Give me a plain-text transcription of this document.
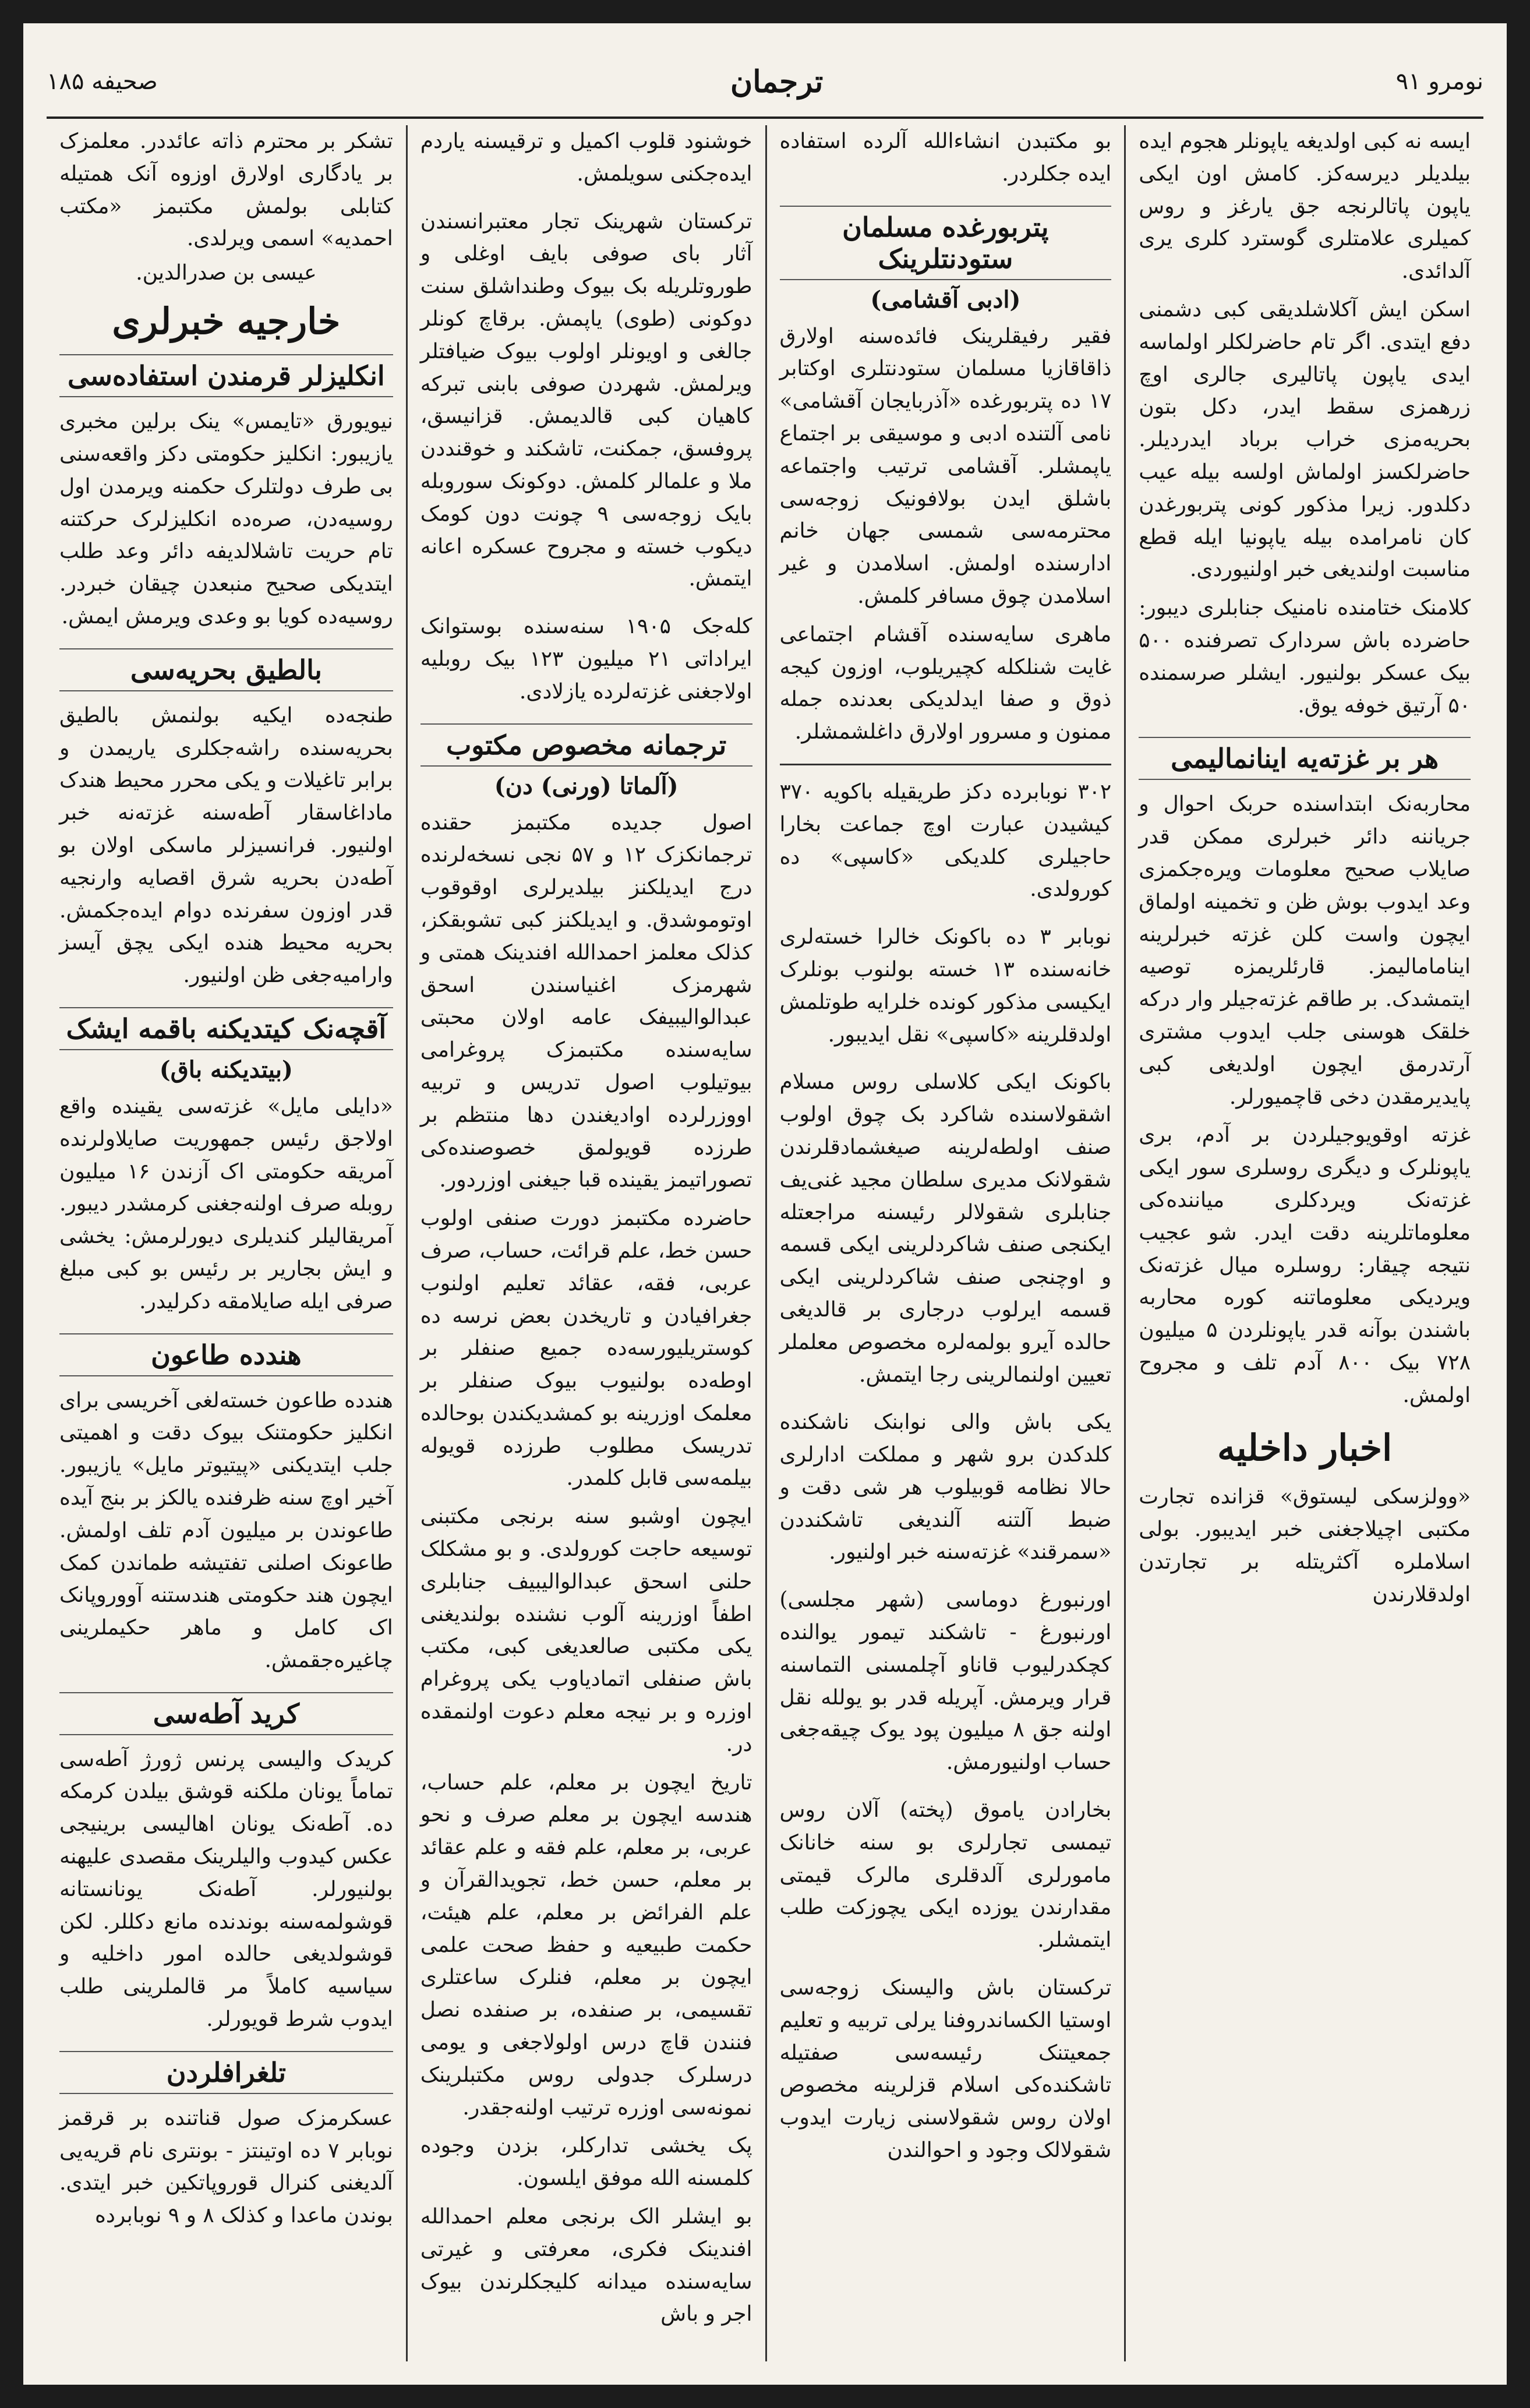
نومرو ۹۱
ترجمان
صحیفه ۱۸۵

ایسه نه کبی اولدیغه یاپونلر هجوم ایده بیلدیلر دیرسه‌کز. کامش اون ایکی یاپون پاتالرنجه جق یارغز و روس کمیلری علامتلری گوسترد کلری یری آلدائدی.

اسکن ایش آکلاشلدیقی کبی دشمنی دفع ایتدی. اگر تام حاضرلکلر اولماسه ایدی یاپون پاتالیری جالری اوچ زرهمزی سقط ایدر، دکل بتون بحریه‌مزی خراب برباد ایدردیلر. حاضرلکسز اولماش اولسه بیله عیب دکلدور. زیرا مذکور کونی پتربورغدن کان نامرامده بیله یاپونیا ایله قطع مناسبت اولندیغی خبر اولنیوردی.

کلامنک ختامنده نامنیک جنابلری دیبور: حاضرده باش سردارک تصرفنده ۵۰۰ بیک عسکر بولنیور. ایشلر صرسمنده ۵۰ آرتیق خوفه یوق.

هر بر غزته‌یه اینانمالیمی

محاربه‌نک ابتداسنده حربک احوال و جریاننه دائر خبرلری ممکن قدر صایلاب صحیح معلومات ویره‌جکمزی وعد ایدوب بوش ظن و تخمینه اولماق ایچون واست کلن غزته خبرلرینه اینامامالیمز. قارئلریمزه توصیه ایتمشدک. بر طاقم غزته‌جیلر وار درکه خلقک هوسنی جلب ایدوب مشتری آرتدرمق ایچون اولدیغی کبی پایدیرمقدن دخی قاچمیورلر.

غزته اوقویوجیلردن بر آدم، بری یاپونلرک و دیگری روسلری سور ایکی غزته‌نک ویردکلری میاننده‌کی معلوماتلرینه دقت ایدر. شو عجیب نتیجه چیقار: روسلره میال غزته‌نک ویردیکی معلوماتنه کوره محاربه باشندن بوآنه قدر یاپونلردن ۵ میلیون ۷۲۸ بیک ۸۰۰ آدم تلف و مجروح اولمش.

اخبار داخلیه

«وولزسکی لیستوق» قزانده تجارت مکتبی اچیلاجغنی خبر ایدیبور. بولی اسلاملره آکثریتله بر تجارتدن اولدقلارندن

بو مکتبدن انشاءالله آلرده استفاده ایده جکلردر.

پتربورغده مسلمان ستودنتلرینک
(ادبی آقشامی)

فقیر رفیقلرینک فائده‌سنه اولارق ذاقاقازیا مسلمان ستودنتلری اوکتابر ۱۷ ده پتربورغده «آذربایجان آقشامی» نامی آلتنده ادبی و موسیقی بر اجتماع یاپمشلر. آقشامی ترتیب واجتماعه باشلق ایدن بولافونیک زوجه‌سی محترمه‌سی شمسی جهان خانم ادارسنده اولمش. اسلامدن و غیر اسلامدن چوق مسافر کلمش.

ماهری سایه‌سنده آقشام اجتماعی غایت شنلکله کچیریلوب، اوزون کیجه ذوق و صفا ایدلدیکی بعدنده جمله ممنون و مسرور اولارق داغلشمشلر.

۳۰۲ نوبابرده دکز طریقیله باکویه ۳۷۰ کیشیدن عبارت اوچ جماعت بخارا حاجیلری کلدیکی «کاسپی» ده کورولدی.

نوبابر ۳ ده باکونک خالرا خسته‌لری خانه‌سنده ۱۳ خسته بولنوب بونلرک ایکیسی مذکور کونده خلرایه طوتلمش اولدقلرینه «کاسپی» نقل ایدیبور.

باکونک ایکی کلاسلی روس مسلام اشقولاسنده شاکرد بک چوق اولوب صنف اولطه‌لرینه صیغشمادقلرندن شقولانک مدیری سلطان مجید غنی‌یف جنابلری شقولالر رئیسنه مراجعتله ایکنجی صنف شاکردلرینی ایکی قسمه و اوچنجی صنف شاکردلرینی ایکی قسمه ایرلوب درجاری بر قالدیغی حالده آیرو بولمه‌لره مخصوص معلملر تعیین اولنمالرینی رجا ایتمش.

یکی باش والی نوابنک ناشکنده کلدکدن برو شهر و مملکت ادارلری حالا نظامه قوبیلوب هر شی دقت و ضبط آلتنه آلندیغی تاشکنددن «سمرقند» غزته‌سنه خبر اولنیور.

اورنبورغ دوماسی (شهر مجلسی) اورنبورغ - تاشکند تیمور یوالنده کچکدرلیوب قاناو آچلمسنی التماسنه قرار ویرمش. آپریله قدر بو یولله نقل اولنه جق ۸ میلیون پود یوک چیقه‌جغی حساب اولنیورمش.

بخارادن یاموق (پخته) آلان روس تیمسی تجارلری بو سنه خانانک مامورلری آلدقلری مالرک قیمتی مقدارندن یوزده ایکی یچوزکت طلب ایتمشلر.

ترکستان باش والیسنک زوجه‌سی اوستیا الکساندروفنا یرلی تربیه و تعلیم جمعیتنک رئیسه‌سی صفتیله تاشکنده‌کی اسلام قزلرینه مخصوص اولان روس شقولاسنی زیارت ایدوب شقولالک وجود و احوالندن

خوشنود قلوب اکمیل و ترقیسنه یاردم ایده‌جکنی سویلمش.

ترکستان شهرینک تجار معتبرانسندن آثار بای صوفی بایف اوغلی و طوروتلریله بک بیوک وطنداشلق سنت دوکونی (طوی) یاپمش. برقاچ کونلر جالغی و اویونلر اولوب بیوک ضیافتلر ویرلمش. شهردن صوفی بابنی تبرکه کاهیان کبی قالدیمش. قزانیسق، پروفسق، جمکنت، تاشکند و خوقنددن ملا و علمالر کلمش. دوکونک سوروبله بایک زوجه‌سی ۹ چونت دون کومک دیکوب خسته و مجروح عسکره اعانه ایتمش.

کله‌جک ۱۹۰۵ سنه‌سنده بوستوانک ایراداتی ۲۱ میلیون ۱۲۳ بیک روبلیه اولاجغنی غزته‌لرده یازلادی.

ترجمانه مخصوص مکتوب
(آلماتا (ورنی) دن)

اصول جدیده مکتبمز حقنده ترجمانکزک ۱۲ و ۵۷ نجی نسخه‌لرنده درج ایدیلکنز بیلدیرلری اوقوقوب اوتوموشدق. و ایدیلکنز کبی تشوبقکز، کذلک معلمز احمدالله افندینک همتی و شهرمزک اغنیاسندن اسحق عبدالوالیبیفک عامه اولان محبتی سایه‌سنده مکتبمزک پروغرامی بیوتیلوب اصول تدریس و تربیه اووزرلرده اوادیغندن دها منتظم بر طرزده قویولمق خصوصنده‌کی تصوراتیمز یقینده قبا جیغنی اوزردور.

حاضرده مکتبمز دورت صنفی اولوب حسن خط، علم قرائت، حساب، صرف عربی، فقه، عقائد تعلیم اولنوب جغرافیادن و تاریخدن بعض نرسه ده کوستریلیورسه‌ده جمیع صنفلر بر اوطه‌ده بولنیوب بیوک صنفلر بر معلمک اوزرینه بو کمشدیکندن بوحالده تدریسک مطلوب طرزده قویوله بیلمه‌سی قابل کلمدر.

ایچون اوشبو سنه برنجی مکتبنی توسیعه حاجت کورولدی. و بو مشکلک حلنی اسحق عبدالوالیبیف جنابلری اطفاً اوزرینه آلوب نشنده بولندیغنی یکی مکتبی صالعدیغی کبی، مکتب باش صنفلی اتمادیاوب یکی پروغرام اوزره و بر نیجه معلم دعوت اولنمقده در.

تاریخ ایچون بر معلم، علم حساب، هندسه ایچون بر معلم صرف و نحو عربی، بر معلم، علم فقه و علم عقائد بر معلم، حسن خط، تجویدالقرآن و علم الفرائض بر معلم، علم هیئت، حکمت طبیعیه و حفظ صحت علمی ایچون بر معلم، فنلرک ساعتلری تقسیمی، بر صنفده، بر صنفده نصل فنندن قاچ درس اولولاجغی و یومی درسلرک جدولی روس مکتبلرینک نمونه‌سی اوزره ترتیب اولنه‌جقدر.

پک یخشی تدارکلر، بزدن وجوده کلمسنه الله موفق ایلسون.

بو ایشلر الک برنجی معلم احمدالله افندینک فکری، معرفتی و غیرتی سایه‌سنده میدانه کلیجکلرندن بیوک اجر و باش

تشکر بر محترم ذاته عائددر. معلمزک بر یادگاری اولارق اوزوه آنک همتیله کتابلی بولمش مکتبمز «مکتب احمدیه» اسمی ویرلدی.

عیسی بن صدرالدین.
خارجیه خبرلری
انکلیزلر قرمندن استفاده‌سی

نیویورق «تایمس» ینک برلین مخبری یازیبور: انکلیز حکومتی دکز واقعه‌سنی بی طرف دولتلرک حکمنه ویرمدن اول روسیه‌دن، صره‌ده انکلیزلرک حرکتنه تام حریت تاشلالدیفه دائر وعد طلب ایتدیکی صحیح منبعدن چیقان خبردر. روسیه‌ده کویا بو وعدی ویرمش ایمش.

بالطیق بحریه‌سی

طنجه‌ده ایکیه بولنمش بالطیق بحریه‌سنده راشه‌جکلری یاریمدن و برابر تاغیلات و یکی محرر محیط هندک ماداغاسقار آطه‌سنه غزته‌نه خبر اولنیور. فرانسیزلر ماسکی اولان بو آطه‌دن بحریه شرق اقصایه وارنجیه قدر اوزون سفرنده دوام ایده‌جکمش. بحریه محیط هنده ایکی یچق آیسز وارامیه‌جغی ظن اولنیور.

آقچه‌نک کیتدیکنه باقمه ایشک
(بیتدیکنه باق)

«دایلی مایل» غزته‌سی یقینده واقع اولاجق رئیس جمهوریت صایلاولرنده آمریقه حکومتی اک آزندن ۱۶ میلیون روبله صرف اولنه‌جغنی کرمشدر دیبور. آمریقالیلر کندیلری دیورلرمش: یخشی و ایش بجاریر بر رئیس بو کبی مبلغ صرفی ایله صایلامقه دکرلیدر.

هندده طاعون

هندده طاعون خسته‌لغی آخریسی برای انکلیز حکومتنک بیوک دقت و اهمیتی جلب ایتدیکنی «پیتیوتر مایل» یازیبور. آخیر اوچ سنه ظرفنده یالکز بر بنج آیده طاعوندن بر میلیون آدم تلف اولمش. طاعونک اصلنی تفتیشه طماندن کمک ایچون هند حکومتی هندستنه آووروپانک اک کامل و ماهر حکیملرینی چاغیره‌جقمش.

کرید آطه‌سی

کریدک والیسی پرنس ژورژ آطه‌سی تماماً یونان ملکنه قوشق بیلدن کرمکه ده. آطه‌نک یونان اهالیسی برینیجی عکس کیدوب والیلرینک مقصدی علیهنه بولنیورلر. آطه‌نک یونانستانه قوشولمه‌سنه بوندنده مانع دکللر. لکن قوشولدیغی حالده امور داخلیه و سیاسیه کاملاً مر قالملرینی طلب ایدوب شرط قویورلر.

تلغرافلردن

عسکرمزک صول قناتنده بر قرقمز نوبابر ۷ ده اوتینتز - بونتری نام قریه‌یی آلدیغنی کنرال قوروپاتکین خبر ایتدی. بوندن ماعدا و کذلک ۸ و ۹ نوبابرده
